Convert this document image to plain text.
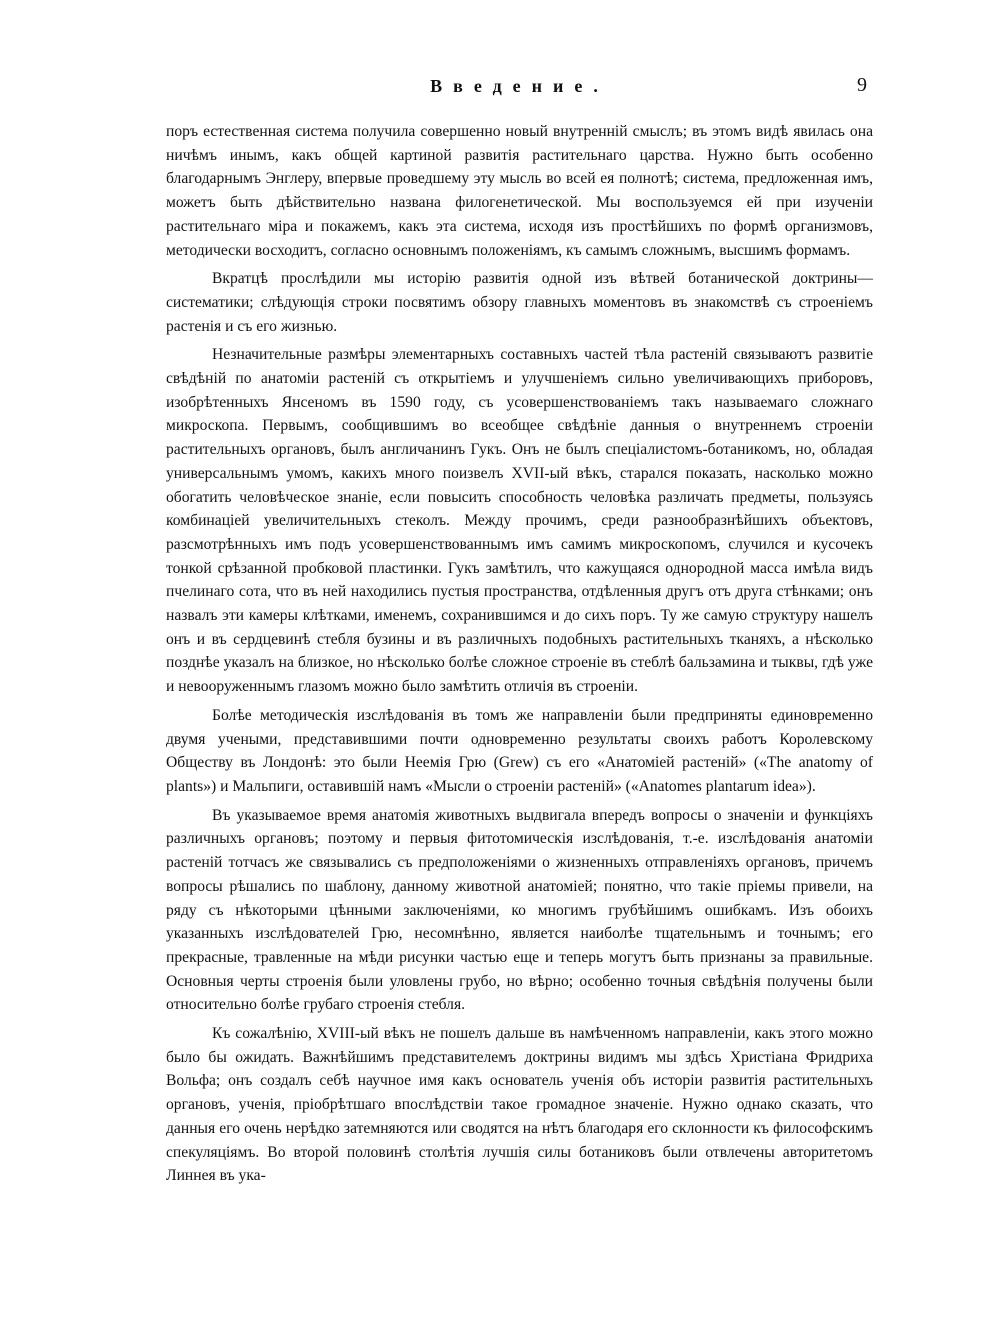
Введение.	9

поръ естественная система получила совершенно новый внутренній смыслъ; въ этомъ видѣ явилась она ничѣмъ инымъ, какъ общей картиной развитія растительнаго царства. Нужно быть особенно благодарнымъ Энглеру, впервые проведшему эту мысль во всей ея полнотѣ; система, предложенная имъ, можетъ быть дѣйствительно названа филогенетической. Мы воспользуемся ей при изученіи растительнаго міра и покажемъ, какъ эта система, исходя изъ простѣйшихъ по формѣ организмовъ, методически восходитъ, согласно основнымъ положеніямъ, къ самымъ сложнымъ, высшимъ формамъ.

Вкратцѣ прослѣдили мы исторію развитія одной изъ вѣтвей ботанической доктрины— систематики; слѣдующія строки посвятимъ обзору главныхъ моментовъ въ знакомствѣ съ строеніемъ растенія и съ его жизнью.

Незначительные размѣры элементарныхъ составныхъ частей тѣла растеній связываютъ развитіе свѣдѣній по анатоміи растеній съ открытіемъ и улучшеніемъ сильно увеличивающихъ приборовъ, изобрѣтенныхъ Янсеномъ въ 1590 году, съ усовершенствованіемъ такъ называемаго сложнаго микроскопа. Первымъ, сообщившимъ во всеобщее свѣдѣніе данныя о внутреннемъ строеніи растительныхъ органовъ, былъ англичанинъ Гукъ. Онъ не былъ спеціалистомъ-ботаникомъ, но, обладая универсальнымъ умомъ, какихъ много поизвелъ XVII-ый вѣкъ, старался показать, насколько можно обогатить человѣческое знаніе, если повысить способность человѣка различать предметы, пользуясь комбинацiей увеличительныхъ стеколъ. Между прочимъ, среди разнообразнѣйшихъ объектовъ, разсмотрѣнныхъ имъ подъ усовершенствованнымъ имъ самимъ микроскопомъ, случился и кусочекъ тонкой срѣзанной пробковой пластинки. Гукъ замѣтилъ, что кажущаяся однородной масса имѣла видъ пчелинаго сота, что въ ней находились пустыя пространства, отдѣленныя другъ отъ друга стѣнками; онъ назвалъ эти камеры клѣтками, именемъ, сохранившимся и до сихъ поръ. Ту же самую структуру нашелъ онъ и въ сердцевинѣ стебля бузины и въ различныхъ подобныхъ растительныхъ тканяхъ, а нѣсколько позднѣе указалъ на близкое, но нѣсколько болѣе сложное строеніе въ стеблѣ бальзамина и тыквы, гдѣ уже и невооруженнымъ глазомъ можно было замѣтить отличія въ строеніи.

Болѣе методическія изслѣдованія въ томъ же направленіи были предприняты единовременно двумя учеными, представившими почти одновременно результаты своихъ работъ Королевскому Обществу въ Лондонѣ: это были Неемія Грю (Grew) съ его «Анатоміей растеній» («The anatomy of plants») и Мальпиги, оставившій намъ «Мысли о строеніи растеній» («Anatomes plantarum idea»).

Въ указываемое время анатомія животныхъ выдвигала впередъ вопросы о значеніи и функціяхъ различныхъ органовъ; поэтому и первыя фитотомическія изслѣдованія, т.-е. изслѣдованія анатоміи растеній тотчасъ же связывались съ предположеніями о жизненныхъ отправленіяхъ органовъ, причемъ вопросы рѣшались по шаблону, данному животной анатоміей; понятно, что такіе пріемы привели, на ряду съ нѣкоторыми цѣнными заключеніями, ко многимъ грубѣйшимъ ошибкамъ. Изъ обоихъ указанныхъ изслѣдователей Грю, несомнѣнно, является наиболѣе тщательнымъ и точнымъ; его прекрасные, травленные на мѣди рисунки частью еще и теперь могутъ быть признаны за правильные. Основныя черты строенія были уловлены грубо, но вѣрно; особенно точныя свѣдѣнія получены были относительно болѣе грубаго строенія стебля.

Къ сожалѣнію, XVIII-ый вѣкъ не пошелъ дальше въ намѣченномъ направленіи, какъ этого можно было бы ожидать. Важнѣйшимъ представителемъ доктрины видимъ мы здѣсь Христіана Фридриха Вольфа; онъ создалъ себѣ научное имя какъ основатель ученія объ исторіи развитія растительныхъ органовъ, ученія, пріобрѣтшаго впослѣдствіи такое громадное значеніе. Нужно однако сказать, что данныя его очень нерѣдко затемняются или сводятся на нѣтъ благодаря его склонности къ философскимъ спекуляціямъ. Во второй половинѣ столѣтія лучшія силы ботаниковъ были отвлечены авторитетомъ Линнея въ ука-
